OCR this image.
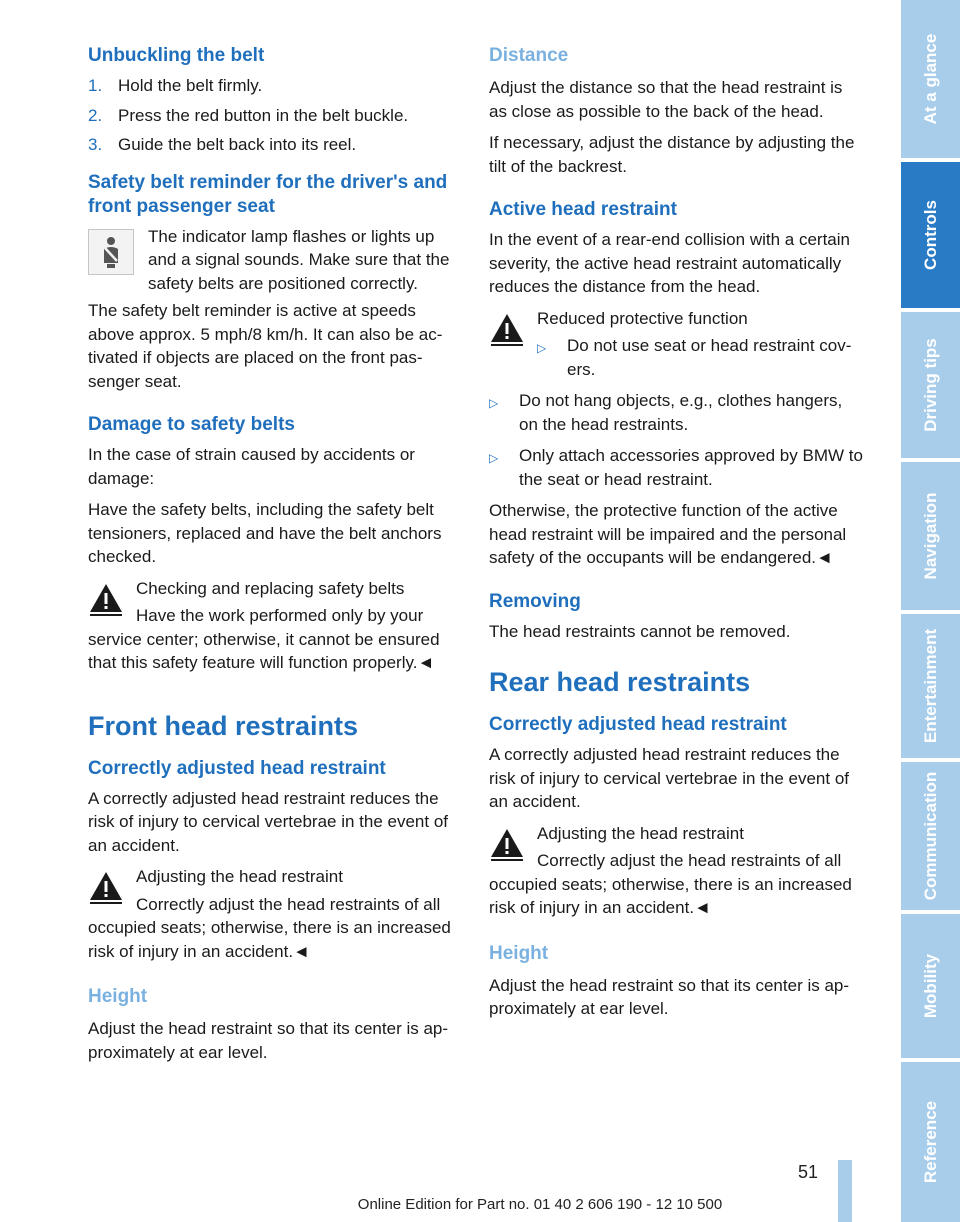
Unbuckling the belt
1. Hold the belt firmly.
2. Press the red button in the belt buckle.
3. Guide the belt back into its reel.
Safety belt reminder for the driver's and front passenger seat

The indicator lamp flashes or lights up and a signal sounds. Make sure that the safety belts are positioned correctly.

The safety belt reminder is active at speeds above approx. 5 mph/8 km/h. It can also be ac-tivated if objects are placed on the front pas-senger seat.

Damage to safety belts

In the case of strain caused by accidents or damage:

Have the safety belts, including the safety belt tensioners, replaced and have the belt anchors checked.

Checking and replacing safety belts

Have the work performed only by your service center; otherwise, it cannot be ensured that this safety feature will function properly.◄

Front head restraints
Correctly adjusted head restraint

A correctly adjusted head restraint reduces the risk of injury to cervical vertebrae in the event of an accident.

Adjusting the head restraint

Correctly adjust the head restraints of all occupied seats; otherwise, there is an increased risk of injury in an accident.◄

Height

Adjust the head restraint so that its center is ap-proximately at ear level.

Distance

Adjust the distance so that the head restraint is as close as possible to the back of the head.

If necessary, adjust the distance by adjusting the tilt of the backrest.

Active head restraint

In the event of a rear-end collision with a certain severity, the active head restraint automatically reduces the distance from the head.

Reduced protective function

▷	Do not use seat or head restraint cov-ers.
▷	Do not hang objects, e.g., clothes hangers, on the head restraints.
▷	Only attach accessories approved by BMW to the seat or head restraint.

Otherwise, the protective function of the active head restraint will be impaired and the personal safety of the occupants will be endangered.◄

Removing

The head restraints cannot be removed.

Rear head restraints
Correctly adjusted head restraint

A correctly adjusted head restraint reduces the risk of injury to cervical vertebrae in the event of an accident.

Adjusting the head restraint

Correctly adjust the head restraints of all occupied seats; otherwise, there is an increased risk of injury in an accident.◄

Height

Adjust the head restraint so that its center is ap-proximately at ear level.

At a glance
Controls
Driving tips
Navigation
Entertainment
Communication
Mobility
Reference
51
Online Edition for Part no. 01 40 2 606 190 - 12 10 500
